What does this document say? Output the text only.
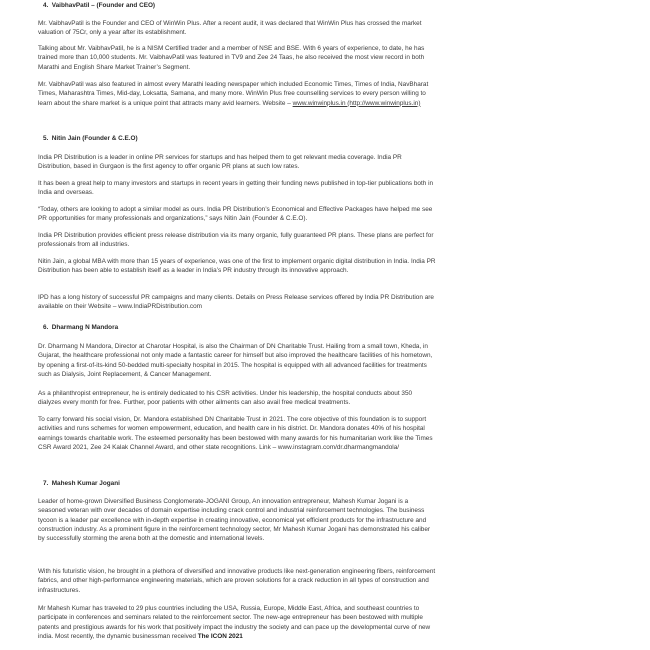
4. VaibhavPatil – (Founder and CEO)

Mr. VaibhavPatil is the Founder and CEO of WinWin Plus. After a recent audit, it was declared that WinWin Plus has crossed the market valuation of 75Cr, only a year after its establishment.

Talking about Mr. VaibhavPatil, he is a NISM Certified trader and a member of NSE and BSE. With 6 years of experience, to date, he has trained more than 10,000 students. Mr. VaibhavPatil was featured in TV9 and Zee 24 Taas, he also received the most view record in both Marathi and English Share Market Trainer’s Segment.

Mr. VaibhavPatil was also featured in almost every Marathi leading newspaper which included Economic Times, Times of India, NavBharat Times, Maharashtra Times, Mid-day, Loksatta, Samana, and many more. WinWin Plus free counselling services to every person willing to learn about the share market is a unique point that attracts many avid learners. Website – www.winwinplus.in (http://www.winwinplus.in)

5. Nitin Jain (Founder & C.E.O)

India PR Distribution is a leader in online PR services for startups and has helped them to get relevant media coverage. India PR Distribution, based in Gurgaon is the first agency to offer organic PR plans at such low rates.

It has been a great help to many investors and startups in recent years in getting their funding news published in top-tier publications both in India and overseas.

“Today, others are looking to adopt a similar model as ours. India PR Distribution’s Economical and Effective Packages have helped me see PR opportunities for many professionals and organizations,” says Nitin Jain (Founder & C.E.O).

India PR Distribution provides efficient press release distribution via its many organic, fully guaranteed PR plans. These plans are perfect for professionals from all industries.

Nitin Jain, a global MBA with more than 15 years of experience, was one of the first to implement organic digital distribution in India. India PR Distribution has been able to establish itself as a leader in India’s PR industry through its innovative approach.

IPD has a long history of successful PR campaigns and many clients. Details on Press Release services offered by India PR Distribution are available on their Website – www.IndiaPRDistribution.com

6. Dharmang N Mandora

Dr. Dharmang N Mandora, Director at Charotar Hospital, is also the Chairman of DN Charitable Trust. Hailing from a small town, Kheda, in Gujarat, the healthcare professional not only made a fantastic career for himself but also improved the healthcare facilities of his hometown, by opening a first-of-its-kind 50-bedded multi-specialty hospital in 2015. The hospital is equipped with all advanced facilities for treatments such as Dialysis, Joint Replacement, & Cancer Management.

As a philanthropist entrepreneur, he is entirely dedicated to his CSR activities. Under his leadership, the hospital conducts about 350 dialyzes every month for free. Further, poor patients with other ailments can also avail free medical treatments.

To carry forward his social vision, Dr. Mandora established DN Charitable Trust in 2021. The core objective of this foundation is to support activities and runs schemes for women empowerment, education, and health care in his district. Dr. Mandora donates 40% of his hospital earnings towards charitable work. The esteemed personality has been bestowed with many awards for his humanitarian work like the Times CSR Award 2021, Zee 24 Kalak Channel Award, and other state recognitions. Link – www.instagram.com/dr.dharmangmandola/

7. Mahesh Kumar Jogani

Leader of home-grown Diversified Business Conglomerate-JOGANI Group, An innovation entrepreneur, Mahesh Kumar Jogani is a seasoned veteran with over decades of domain expertise including crack control and industrial reinforcement technologies. The business tycoon is a leader par excellence with in-depth expertise in creating innovative, economical yet efficient products for the infrastructure and construction industry. As a prominent figure in the reinforcement technology sector, Mr Mahesh Kumar Jogani has demonstrated his caliber by successfully storming the arena both at the domestic and international levels.

With his futuristic vision, he brought in a plethora of diversified and innovative products like next-generation engineering fibers, reinforcement fabrics, and other high-performance engineering materials, which are proven solutions for a crack reduction in all types of construction and infrastructures.

Mr Mahesh Kumar has traveled to 29 plus countries including the USA, Russia, Europe, Middle East, Africa, and southeast countries to participate in conferences and seminars related to the reinforcement sector. The new-age entrepreneur has been bestowed with multiple patents and prestigious awards for his work that positively impact the industry the society and can pace up the developmental curve of new india. Most recently, the dynamic businessman received The ICON 2021
